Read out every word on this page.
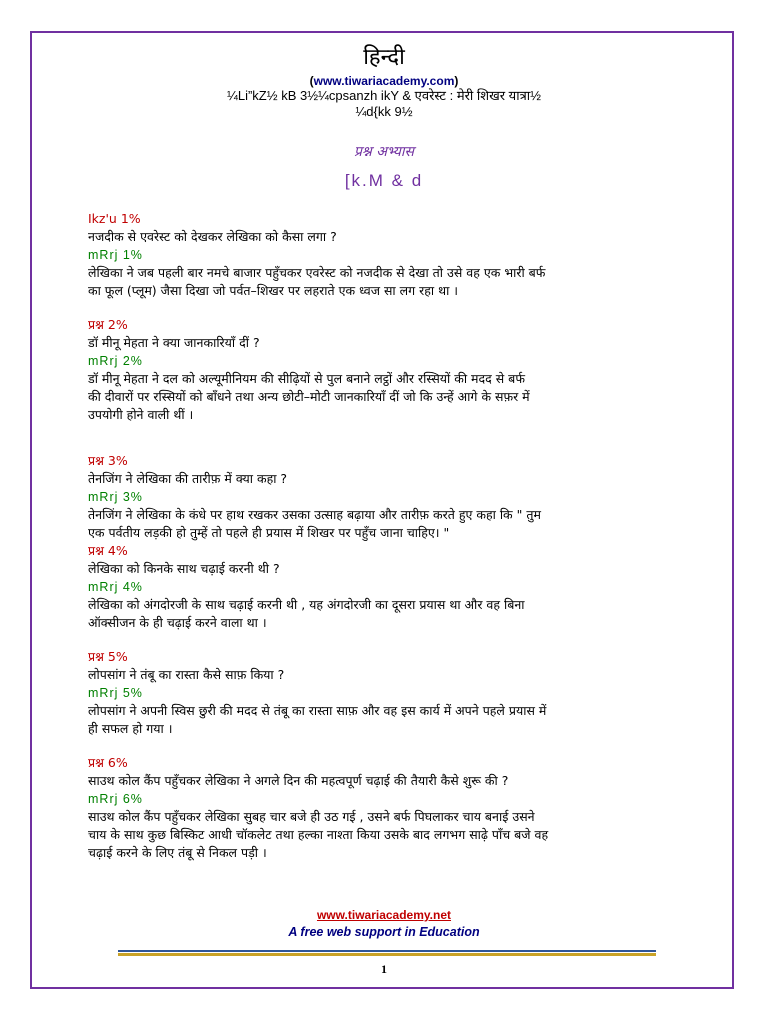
हिन्दी
(www.tiwariacademy.com)
¼Li”kZ½ kB 3½¼cpsanzh ikY & एवरेस्ट : मेरी शिखर यात्रा½
¼d{kk 9½
प्रश्न अभ्यास
[k.M & d
Ikz'u 1%
नजदीक से एवरेस्ट को देखकर लेखिका को कैसा लगा ?
mRrj 1%
लेखिका ने जब पहली बार नमचे बाजार पहुँचकर एवरेस्ट को नजदीक से देखा तो उसे वह एक भारी बर्फ
का फूल (प्लूम) जैसा दिखा जो पर्वत–शिखर पर लहराते एक ध्वज सा लग रहा था ।
प्रश्न 2%
डॉ मीनू मेहता ने क्या जानकारियाँ दीं ?
mRrj 2%
डॉ मीनू मेहता ने दल को अल्यूमीनियम की सीढ़ियों से पुल बनाने लट्ठों और रस्सियों की मदद से बर्फ
की दीवारों पर रस्सियों को बाँधने तथा अन्य छोटी–मोटी जानकारियाँ दीं जो कि उन्हें आगे के सफ़र में
उपयोगी होने वाली थीं ।
प्रश्न 3%
तेनजिंग ने लेखिका की तारीफ़ में क्या कहा ?
mRrj 3%
तेनजिंग ने लेखिका के कंधे पर हाथ रखकर उसका उत्साह बढ़ाया और तारीफ़ करते हुए कहा कि " तुम
एक पर्वतीय लड़की हो तुम्हें तो पहले ही प्रयास में शिखर पर पहुँच जाना चाहिए। "
प्रश्न 4%
लेखिका को किनके साथ चढ़ाई करनी थी ?
mRrj 4%
लेखिका को अंगदोरजी के साथ चढ़ाई करनी थी , यह अंगदोरजी का दूसरा प्रयास था और वह बिना
ऑक्सीजन के ही चढ़ाई करने वाला था ।
प्रश्न 5%
लोपसांग ने तंबू का रास्ता कैसे साफ़ किया ?
mRrj 5%
लोपसांग ने अपनी स्विस छुरी की मदद से तंबू का रास्ता साफ़ और वह इस कार्य में अपने पहले प्रयास में
ही सफल हो गया ।
प्रश्न 6%
साउथ कोल कैंप पहुँचकर लेखिका ने अगले दिन की महत्वपूर्ण चढ़ाई की तैयारी कैसे शुरू की ?
mRrj 6%
साउथ कोल कैंप पहुँचकर लेखिका सुबह चार बजे ही उठ गई , उसने बर्फ पिघलाकर चाय बनाई उसने
चाय के साथ कुछ बिस्किट आधी चॉकलेट तथा हल्का नाश्ता किया उसके बाद लगभग साढ़े पाँच बजे वह
चढ़ाई करने के लिए तंबू से निकल पड़ी ।
www.tiwariacademy.net
A free web support in Education
1
